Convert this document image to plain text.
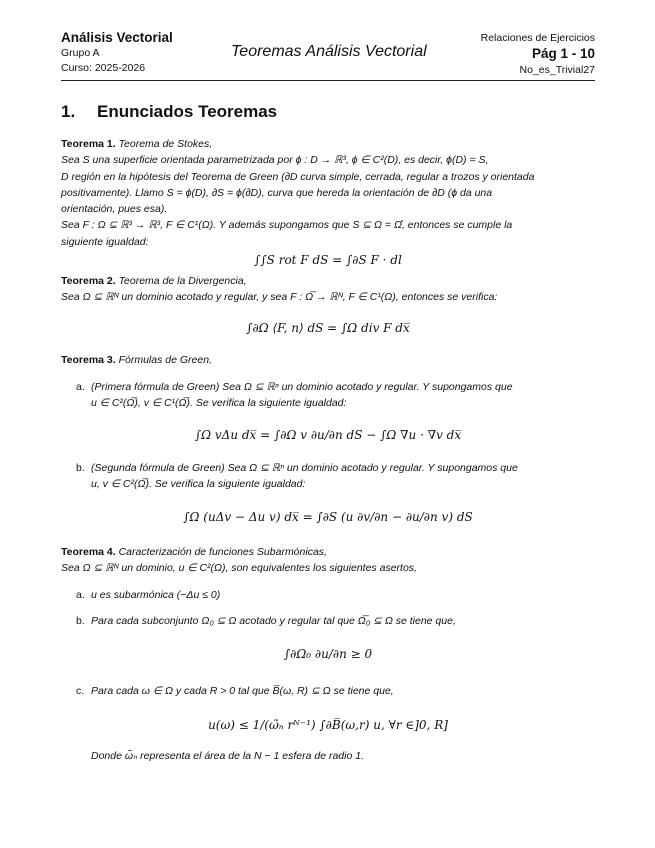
Análisis Vectorial
Grupo A
Curso: 2025-2026
Teoremas Análisis Vectorial
Relaciones de Ejercicios
Pág 1 - 10
No_es_Trivial27
1. Enunciados Teoremas

Teorema 1. Teorema de Stokes,

Sea S una superficie orientada parametrizada por ϕ : D → ℝ³, ϕ ∈ C²(D), es decir, ϕ(D) = S,

D región en la hipótesis del Teorema de Green (∂D curva simple, cerrada, regular a trozos y orientada

positivamente). Llamo S = ϕ(D), ∂S = ϕ(∂D), curva que hereda la orientación de ∂D (ϕ da una

orientación, pues esa).

Sea F : Ω ⊆ ℝ³ → ℝ³, F ∈ C¹(Ω). Y además supongamos que S ⊆ Ω = Ω̊, entonces se cumple la

siguiente igualdad:

∫∫S rot F dS = ∫∂S F · dl

Teorema 2. Teorema de la Divergencia,

Sea Ω ⊆ ℝᴺ un dominio acotado y regular, y sea F : Ω̅ → ℝᴺ, F ∈ C¹(Ω), entonces se verifica:

∫∂Ω ⟨F, n⟩ dS = ∫Ω div F dx̅

Teorema 3. Fórmulas de Green,

a. (Primera fórmula de Green) Sea Ω ⊆ ℝⁿ un dominio acotado y regular. Y supongamos que
u ∈ C²(Ω̅), v ∈ C¹(Ω̅). Se verifica la siguiente igualdad:
∫Ω vΔu dx̅ = ∫∂Ω v ∂u/∂n dS − ∫Ω ∇u · ∇v dx̅
b. (Segunda fórmula de Green) Sea Ω ⊆ ℝⁿ un dominio acotado y regular. Y supongamos que
u, v ∈ C²(Ω̅). Se verifica la siguiente igualdad:
∫Ω (uΔv − Δu v) dx̅ = ∫∂S (u ∂v/∂n − ∂u/∂n v) dS

Teorema 4. Caracterización de funciones Subarmónicas,

Sea Ω ⊆ ℝᴺ un dominio, u ∈ C²(Ω), son equivalentes los siguientes asertos,

a. u es subarmónica (−Δu ≤ 0)
b. Para cada subconjunto Ω₀ ⊆ Ω acotado y regular tal que Ω̅₀ ⊆ Ω se tiene que,
∫∂Ω₀ ∂u/∂n ≥ 0
c. Para cada ω ∈ Ω y cada R > 0 tal que B̅(ω, R) ⊆ Ω se tiene que,
u(ω) ≤ 1/(ω̃ₙ rᴺ⁻¹) ∫∂B̅(ω,r) u, ∀r ∈]0, R]
Donde ω̃ₙ representa el área de la N − 1 esfera de radio 1.
